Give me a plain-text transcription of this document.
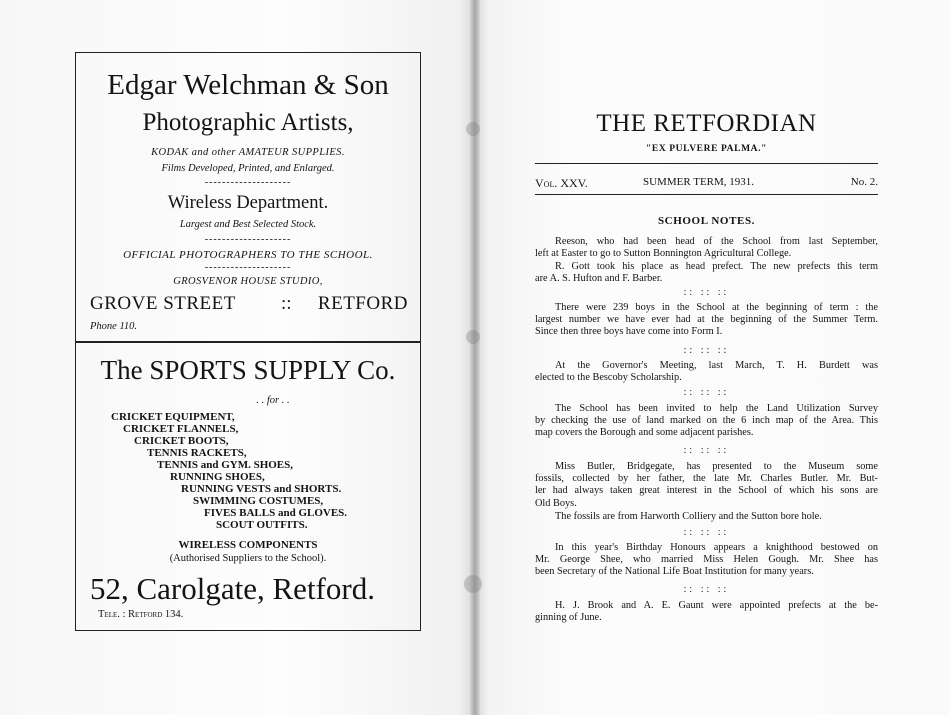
Edgar Welchman & Son
Photographic Artists,
KODAK and other AMATEUR SUPPLIES.
Films Developed, Printed, and Enlarged.
--------------------
Wireless Department.
Largest and Best Selected Stock.
--------------------
OFFICIAL PHOTOGRAPHERS TO THE SCHOOL.
--------------------
GROSVENOR HOUSE STUDIO,
GROVE STREET :: RETFORD
Phone 110.
The SPORTS SUPPLY Co.
. . for . .
CRICKET EQUIPMENT,
CRICKET FLANNELS,
CRICKET BOOTS,
TENNIS RACKETS,
TENNIS and GYM. SHOES,
RUNNING SHOES,
RUNNING VESTS and SHORTS.
SWIMMING COSTUMES,
FIVES BALLS and GLOVES.
SCOUT OUTFITS.
WIRELESS COMPONENTS
(Authorised Suppliers to the School).
52, Carolgate, Retford.
Tele. : Retford 134.
THE RETFORDIAN
"EX PULVERE PALMA."
Vol. XXV.	SUMMER TERM, 1931.	No. 2.
SCHOOL NOTES.
Reeson, who had been head of the School from last September,
left at Easter to go to Sutton Bonnington Agricultural College.
R. Gott took his place as head prefect. The new prefects this term
are A. S. Hufton and F. Barber.
:: :: ::
There were 239 boys in the School at the beginning of term : the
largest number we have ever had at the beginning of the Summer Term.
Since then three boys have come into Form I.
:: :: ::
At the Governor's Meeting, last March, T. H. Burdett was
elected to the Bescoby Scholarship.
:: :: ::
The School has been invited to help the Land Utilization Survey
by checking the use of land marked on the 6 inch map of the Area. This
map covers the Borough and some adjacent parishes.
:: :: ::
Miss Butler, Bridgegate, has presented to the Museum some
fossils, collected by her father, the late Mr. Charles Butler. Mr. But-
ler had always taken great interest in the School of which his sons are
Old Boys.
The fossils are from Harworth Colliery and the Sutton bore hole.
:: :: ::
In this year's Birthday Honours appears a knighthood bestowed on
Mr. George Shee, who married Miss Helen Gough. Mr. Shee has
been Secretary of the National Life Boat Institution for many years.
:: :: ::
H. J. Brook and A. E. Gaunt were appointed prefects at the be-
ginning of June.
